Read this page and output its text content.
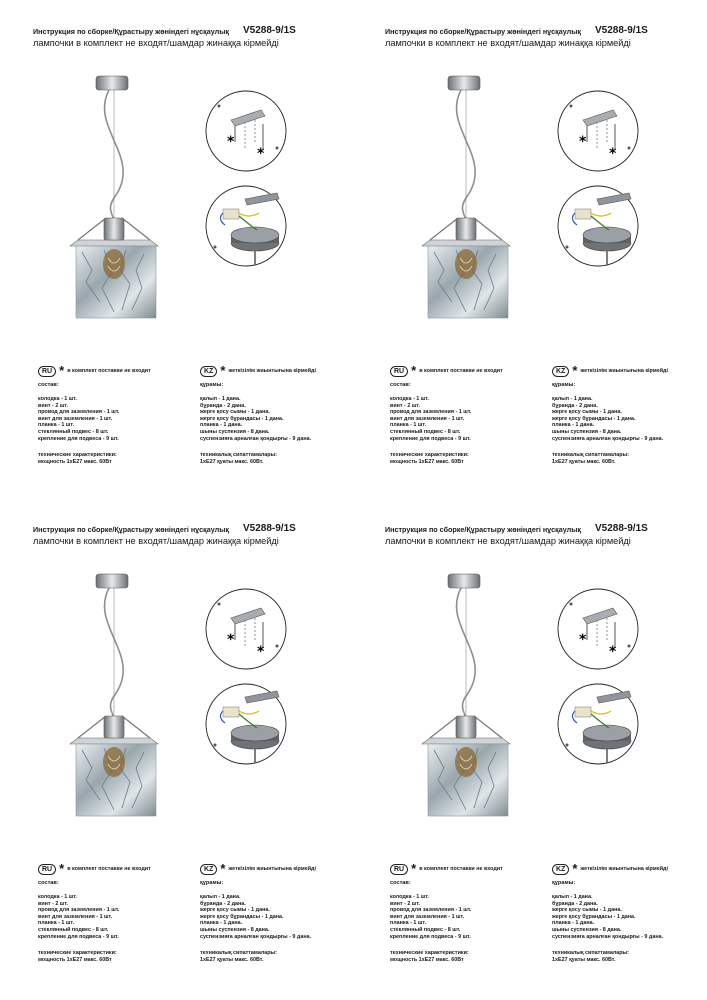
Инструкция по сборке/Құрастыру жөніндегі нұсқаулық V5288-9/1S
лампочки в комплект не входят/шамдар жинаққа кірмейді
*
*
RU * в комплект поставки не входит
состав:
колодка - 1 шт.
винт - 2 шт.
провод для заземления - 1 шт.
винт для заземления - 1 шт.
планка - 1 шт.
стеклянный подвес - 8 шт.
крепление для подвеса - 9 шт.
технические характеристики:
мощность 1хЕ27 макс. 60Вт
KZ * жеткізілім жиынтығына кірмейді
құрамы:
қалып - 1 дана.
бұранда - 2 дана.
жерге қосу сымы - 1 дана.
жерге қосу бұрандасы - 1 дана.
планка - 1 дана.
шыны суспензия - 8 дана.
суспензияға арналған қондырғы - 9 дана.
техникалық сипаттамалары:
1хЕ27 қуаты макс. 60Вт.
Инструкция по сборке/Құрастыру жөніндегі нұсқаулық V5288-9/1S
лампочки в комплект не входят/шамдар жинаққа кірмейді
*
*
RU * в комплект поставки не входит
состав:
колодка - 1 шт.
винт - 2 шт.
провод для заземления - 1 шт.
винт для заземления - 1 шт.
планка - 1 шт.
стеклянный подвес - 8 шт.
крепление для подвеса - 9 шт.
технические характеристики:
мощность 1хЕ27 макс. 60Вт
KZ * жеткізілім жиынтығына кірмейді
құрамы:
қалып - 1 дана.
бұранда - 2 дана.
жерге қосу сымы - 1 дана.
жерге қосу бұрандасы - 1 дана.
планка - 1 дана.
шыны суспензия - 8 дана.
суспензияға арналған қондырғы - 9 дана.
техникалық сипаттамалары:
1хЕ27 қуаты макс. 60Вт.
Инструкция по сборке/Құрастыру жөніндегі нұсқаулық V5288-9/1S
лампочки в комплект не входят/шамдар жинаққа кірмейді
*
*
RU * в комплект поставки не входит
состав:
колодка - 1 шт.
винт - 2 шт.
провод для заземления - 1 шт.
винт для заземления - 1 шт.
планка - 1 шт.
стеклянный подвес - 8 шт.
крепление для подвеса - 9 шт.
технические характеристики:
мощность 1хЕ27 макс. 60Вт
KZ * жеткізілім жиынтығына кірмейді
құрамы:
қалып - 1 дана.
бұранда - 2 дана.
жерге қосу сымы - 1 дана.
жерге қосу бұрандасы - 1 дана.
планка - 1 дана.
шыны суспензия - 8 дана.
суспензияға арналған қондырғы - 9 дана.
техникалық сипаттамалары:
1хЕ27 қуаты макс. 60Вт.
Инструкция по сборке/Құрастыру жөніндегі нұсқаулық V5288-9/1S
лампочки в комплект не входят/шамдар жинаққа кірмейді
*
*
RU * в комплект поставки не входит
состав:
колодка - 1 шт.
винт - 2 шт.
провод для заземления - 1 шт.
винт для заземления - 1 шт.
планка - 1 шт.
стеклянный подвес - 8 шт.
крепление для подвеса - 9 шт.
технические характеристики:
мощность 1хЕ27 макс. 60Вт
KZ * жеткізілім жиынтығына кірмейді
құрамы:
қалып - 1 дана.
бұранда - 2 дана.
жерге қосу сымы - 1 дана.
жерге қосу бұрандасы - 1 дана.
планка - 1 дана.
шыны суспензия - 8 дана.
суспензияға арналған қондырғы - 9 дана.
техникалық сипаттамалары:
1хЕ27 қуаты макс. 60Вт.
